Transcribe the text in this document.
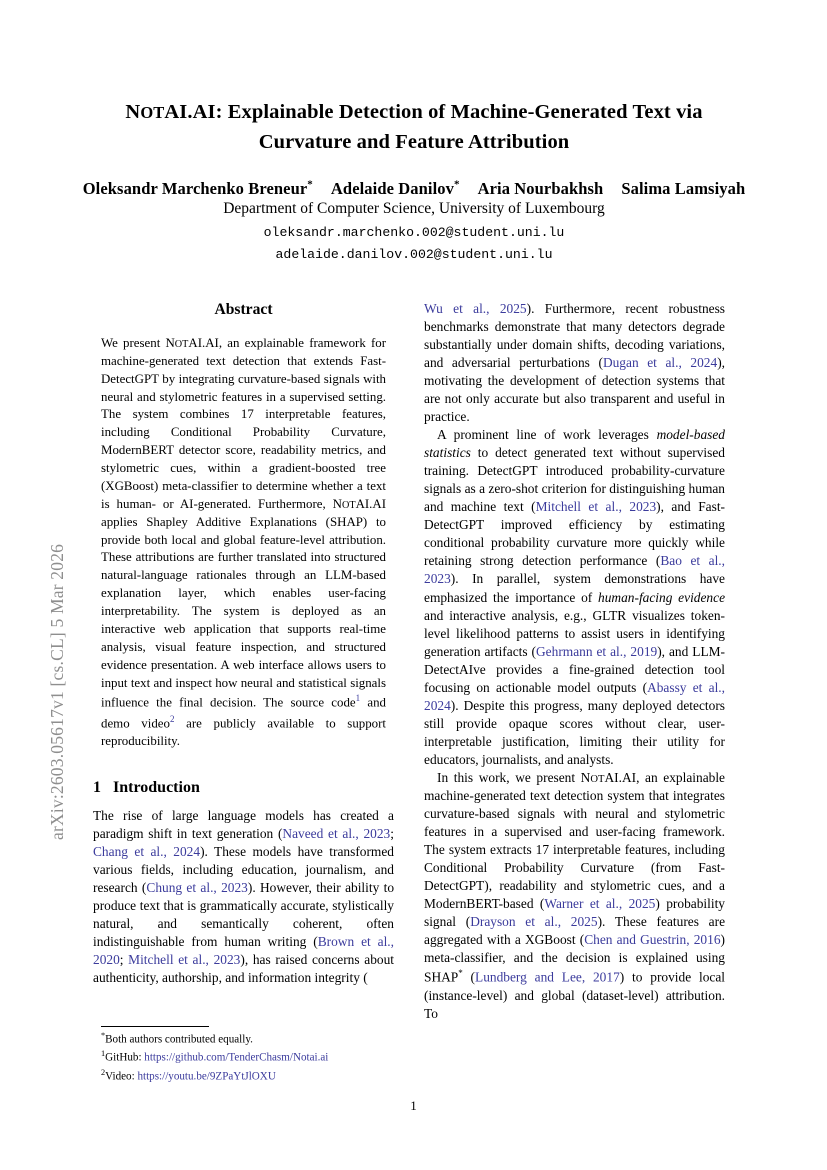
arXiv:2603.05617v1 [cs.CL] 5 Mar 2026
NOTAI.AI: Explainable Detection of Machine-Generated Text via
Curvature and Feature Attribution
Oleksandr Marchenko Breneur* Adelaide Danilov* Aria Nourbakhsh Salima Lamsiyah
Department of Computer Science, University of Luxembourg
oleksandr.marchenko.002@student.uni.lu
adelaide.danilov.002@student.uni.lu
Abstract

We present NOTAI.AI, an explainable framework for machine-generated text detection that extends Fast-DetectGPT by integrating curvature-based signals with neural and stylometric features in a supervised setting. The system combines 17 interpretable features, including Conditional Probability Curvature, ModernBERT detector score, readability metrics, and stylometric cues, within a gradient-boosted tree (XGBoost) meta-classifier to determine whether a text is human- or AI-generated. Furthermore, NOTAI.AI applies Shapley Additive Explanations (SHAP) to provide both local and global feature-level attribution. These attributions are further translated into structured natural-language rationales through an LLM-based explanation layer, which enables user-facing interpretability. The system is deployed as an interactive web application that supports real-time analysis, visual feature inspection, and structured evidence presentation. A web interface allows users to input text and inspect how neural and statistical signals influence the final decision. The source code$^1$ and demo video$^2$ are publicly available to support reproducibility.

1 Introduction

The rise of large language models has created a paradigm shift in text generation (Naveed et al., 2023; Chang et al., 2024). These models have transformed various fields, including education, journalism, and research (Chung et al., 2023). However, their ability to produce text that is grammatically accurate, stylistically natural, and semantically coherent, often indistinguishable from human writing (Brown et al., 2020; Mitchell et al., 2023), has raised concerns about authenticity, authorship, and information integrity (

Wu et al., 2025). Furthermore, recent robustness benchmarks demonstrate that many detectors degrade substantially under domain shifts, decoding variations, and adversarial perturbations (Dugan et al., 2024), motivating the development of detection systems that are not only accurate but also transparent and useful in practice.

A prominent line of work leverages model-based statistics to detect generated text without supervised training. DetectGPT introduced probability-curvature signals as a zero-shot criterion for distinguishing human and machine text (Mitchell et al., 2023), and Fast-DetectGPT improved efficiency by estimating conditional probability curvature more quickly while retaining strong detection performance (Bao et al., 2023). In parallel, system demonstrations have emphasized the importance of human-facing evidence and interactive analysis, e.g., GLTR visualizes token-level likelihood patterns to assist users in identifying generation artifacts (Gehrmann et al., 2019), and LLM-DetectAIve provides a fine-grained detection tool focusing on actionable model outputs (Abassy et al., 2024). Despite this progress, many deployed detectors still provide opaque scores without clear, user-interpretable justification, limiting their utility for educators, journalists, and analysts.

In this work, we present NOTAI.AI, an explainable machine-generated text detection system that integrates curvature-based signals with neural and stylometric features in a supervised and user-facing framework. The system extracts 17 interpretable features, including Conditional Probability Curvature (from Fast-DetectGPT), readability and stylometric cues, and a ModernBERT-based (Warner et al., 2025) probability signal (Drayson et al., 2025). These features are aggregated with a XGBoost (Chen and Guestrin, 2016) meta-classifier, and the decision is explained using SHAP* (Lundberg and Lee, 2017) to provide local (instance-level) and global (dataset-level) attribution. To

*Both authors contributed equally.
$^1$GitHub: https://github.com/TenderChasm/Notai.ai
$^2$Video: https://youtu.be/9ZPaYtJlOXU
1
